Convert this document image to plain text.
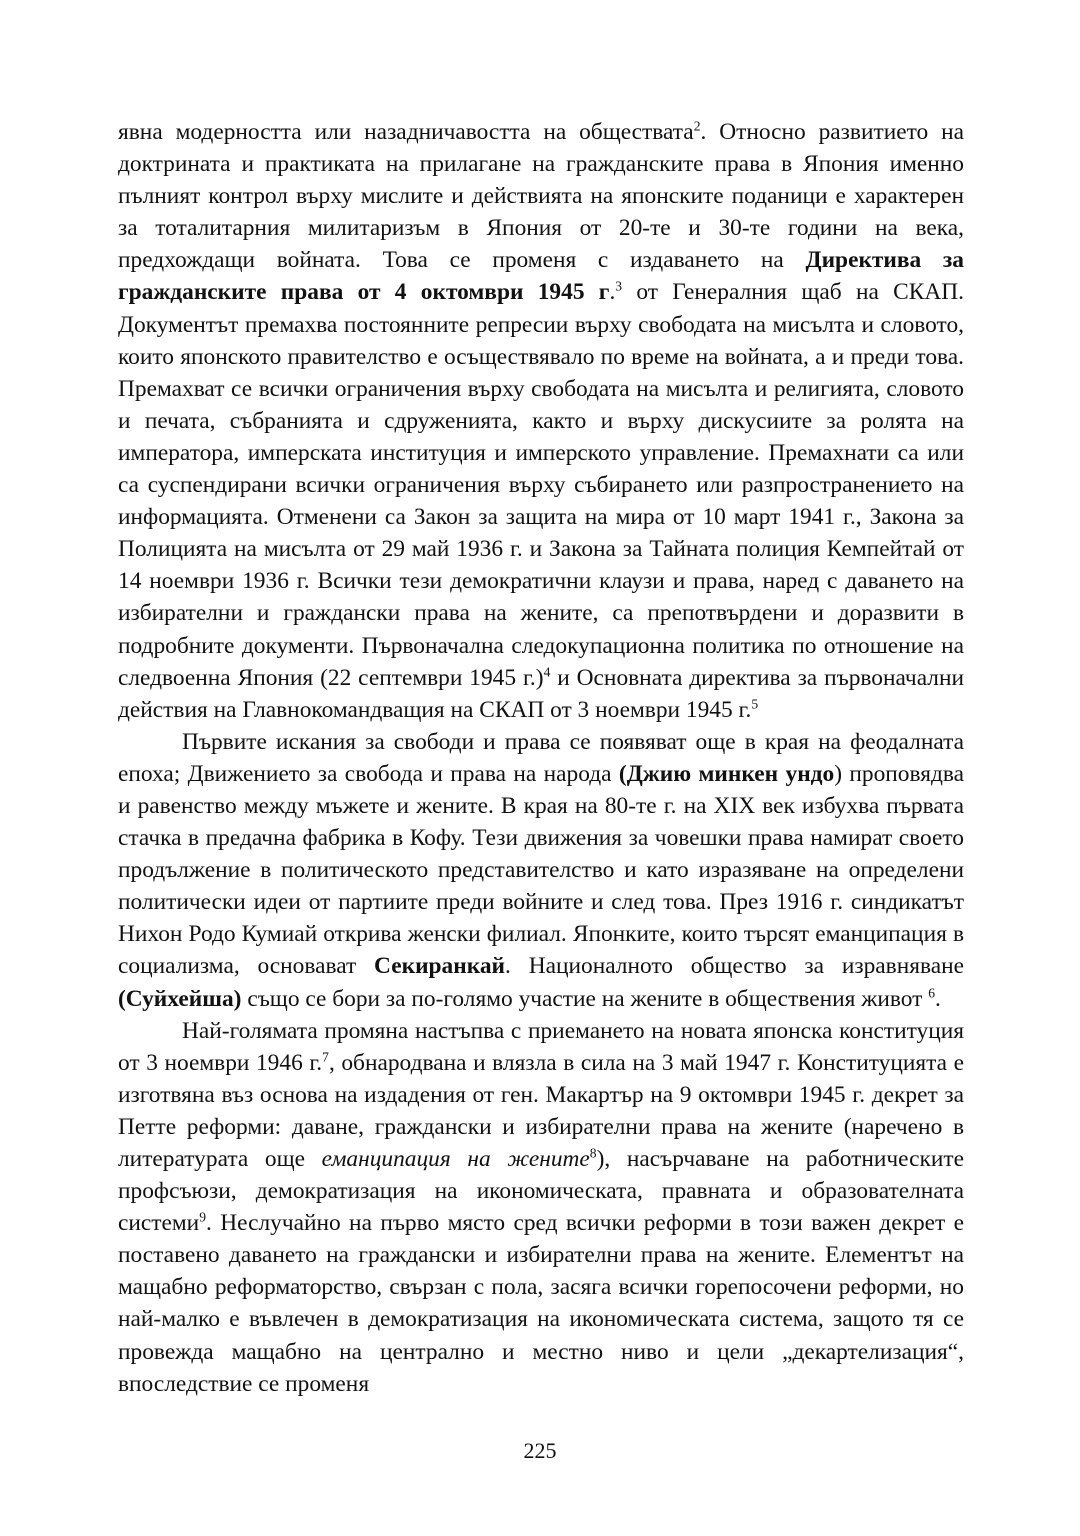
явна модерността или назадничавостта на обществата$^2$. Относно развитието на доктрината и практиката на прилагане на гражданските права в Япония именно пълният контрол върху мислите и действията на японските поданици е характерен за тоталитарния милитаризъм в Япония от 20-те и 30-те години на века, предхождащи войната. Това се променя с издаването на Директива за гражданските права от 4 октомври 1945 г.$^3$ от Генералния щаб на СКАП. Документът премахва постоянните репресии върху свободата на мисълта и словото, които японското правителство е осъществявало по време на войната, а и преди това. Премахват се всички ограничения върху свободата на мисълта и религията, словото и печата, събранията и сдруженията, както и върху дискусиите за ролята на императора, имперската институция и имперското управление. Премахнати са или са суспендирани всички ограничения върху събирането или разпространението на информацията. Отменени са Закон за защита на мира от 10 март 1941 г., Закона за Полицията на мисълта от 29 май 1936 г. и Закона за Тайната полиция Кемпейтай от 14 ноември 1936 г. Всички тези демократични клаузи и права, наред с даването на избирателни и граждански права на жените, са препотвърдени и доразвити в подробните документи. Първоначална следокупационна политика по отношение на следвоенна Япония (22 септември 1945 г.)$^4$ и Основната директива за първоначални действия на Главнокомандващия на СКАП от 3 ноември 1945 г.$^5$

Първите искания за свободи и права се появяват още в края на феодалната епоха; Движението за свобода и права на народа (Джию минкен ундо) проповядва и равенство между мъжете и жените. В края на 80-те г. на XIX век избухва първата стачка в предачна фабрика в Кофу. Тези движения за човешки права намират своето продължение в политическото представителство и като изразяване на определени политически идеи от партиите преди войните и след това. През 1916 г. синдикатът Нихон Родо Кумиай открива женски филиал. Японките, които търсят еманципация в социализма, основават Секиранкай. Националното общество за изравняване (Суйхейша) също се бори за по-голямо участие на жените в обществения живот $^6$.

Най-голямата промяна настъпва с приемането на новата японска конституция от 3 ноември 1946 г.$^7$, обнародвана и влязла в сила на 3 май 1947 г. Конституцията е изготвяна въз основа на издадения от ген. Макартър на 9 октомври 1945 г. декрет за Петте реформи: даване, граждански и избирателни права на жените (наречено в литературата още еманципация на жените$^8$), насърчаване на работническите профсъюзи, демократизация на икономическата, правната и образователната системи$^9$. Неслучайно на първо място сред всички реформи в този важен декрет е поставено даването на граждански и избирателни права на жените. Елементът на мащабно реформаторство, свързан с пола, засяга всички горепосочени реформи, но най-малко е въвлечен в демократизация на икономическата система, защото тя се провежда мащабно на централно и местно ниво и цели „декартелизация“, впоследствие се променя

225
